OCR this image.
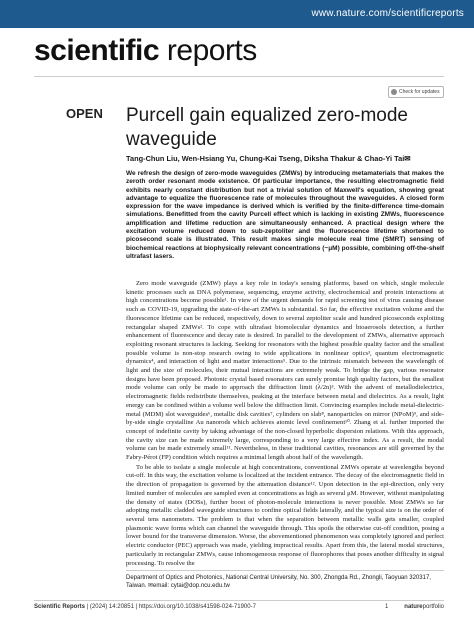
www.nature.com/scientificreports
scientific reports
Check for updates
OPEN Purcell gain equalized zero-mode waveguide
Tang-Chun Liu, Wen-Hsiang Yu, Chung-Kai Tseng, Diksha Thakur & Chao-Yi Tai✉
We refresh the design of zero-mode waveguides (ZMWs) by introducing metamaterials that makes the zeroth order resonant mode existence. Of particular importance, the resulting electromagnetic field exhibits nearly constant distribution but not a trivial solution of Maxwell's equation, showing great advantage to equalize the fluorescence rate of molecules throughout the waveguides. A closed form expression for the wave impedance is derived which is verified by the finite-difference time-domain simulations. Benefitted from the cavity Purcell effect which is lacking in existing ZMWs, fluorescence amplification and lifetime reduction are simultaneously enhanced. A practical design where the excitation volume reduced down to sub-zeptoliter and the fluorescence lifetime shortened to picosecond scale is illustrated. This result makes single molecule real time (SMRT) sensing of biochemical reactions at biophysically relevant concentrations (~μM) possible, combining off-the-shelf ultrafast lasers.

Zero mode waveguide (ZMW) plays a key role in today's sensing platforms, based on which, single molecule kinetic processes such as DNA polymerase, sequencing, enzyme activity, electrochemical and protein interactions at high concentrations become possible¹. In view of the urgent demands for rapid screening test of virus causing disease such as COVID-19, upgrading the state-of-the-art ZMWs is substantial. So far, the effective excitation volume and the fluorescence lifetime can be reduced, respectively, down to several zeptoliter scale and hundred picoseconds exploiting rectangular shaped ZMWs². To cope with ultrafast biomolecular dynamics and bioaerosols detection, a further enhancement of fluorescence and decay rate is desired. In parallel to the development of ZMWs, alternative approach exploiting resonant structures is lacking. Seeking for resonators with the highest possible quality factor and the smallest possible volume is non-stop research owing to wide applications in nonlinear optics³, quantum electromagnetic dynamics⁴, and interaction of light and matter interactions⁵. Due to the intrinsic mismatch between the wavelength of light and the size of molecules, their mutual interactions are extremely weak. To bridge the gap, various resonator designs have been proposed. Photonic crystal based resonators can surely promise high quality factors, but the smallest mode volume can only be made to approach the diffraction limit (λ/2n)³. With the advent of metallodielectrics, electromagnetic fields redistribute themselves, peaking at the interface between metal and dielectrics. As a result, light energy can be confined within a volume well below the diffraction limit. Convincing examples include metal-dielectric-metal (MDM) slot waveguides⁶, metallic disk cavities⁷, cylinders on slab⁸, nanoparticles on mirror (NPoM)⁹, and side-by-side single crystalline Au nanorods which achieves atomic level confinement¹⁰. Zhang et al. further imported the concept of indefinite cavity by taking advantage of the non-closed hyperbolic dispersion relations. With this approach, the cavity size can be made extremely large, corresponding to a very large effective index. As a result, the modal volume can be made extremely small¹¹. Nevertheless, in these traditional cavities, resonances are still governed by the Fabry-Pérot (FP) condition which requires a minimal length about half of the wavelength.

To be able to isolate a single molecule at high concentrations, conventional ZMWs operate at wavelengths beyond cut-off. In this way, the excitation volume is localized at the incident entrance. The decay of the electromagnetic field in the direction of propagation is governed by the attenuation distance¹². Upon detection in the epi-direction, only very limited number of molecules are sampled even at concentrations as high as several μM. However, without manipulating the density of states (DOSs), further boost of photon-molecule interactions is never possible. Most ZMWs so far adopting metallic cladded waveguide structures to confine optical fields laterally, and the typical size is on the order of several tens nanometers. The problem is that when the separation between metallic walls gets smaller, coupled plasmonic wave forms which can channel the waveguide through. This spoils the otherwise cut-off condition, posing a lower bound for the transverse dimension. Worse, the abovementioned phenomenon was completely ignored and perfect electric conductor (PEC) approach was made, yielding impractical results. Apart from this, the lateral modal structures, particularly in rectangular ZMWs, cause inhomogeneous response of fluorophores that poses another difficulty in signal processing. To resolve the

Department of Optics and Photonics, National Central University, No. 300, Zhongda Rd., Zhongli, Taoyuan 320317, Taiwan. ✉email: cytai@dop.ncu.edu.tw
Scientific Reports | (2024) 14:20851 | https://doi.org/10.1038/s41598-024-71900-7	1	natureportfolio
